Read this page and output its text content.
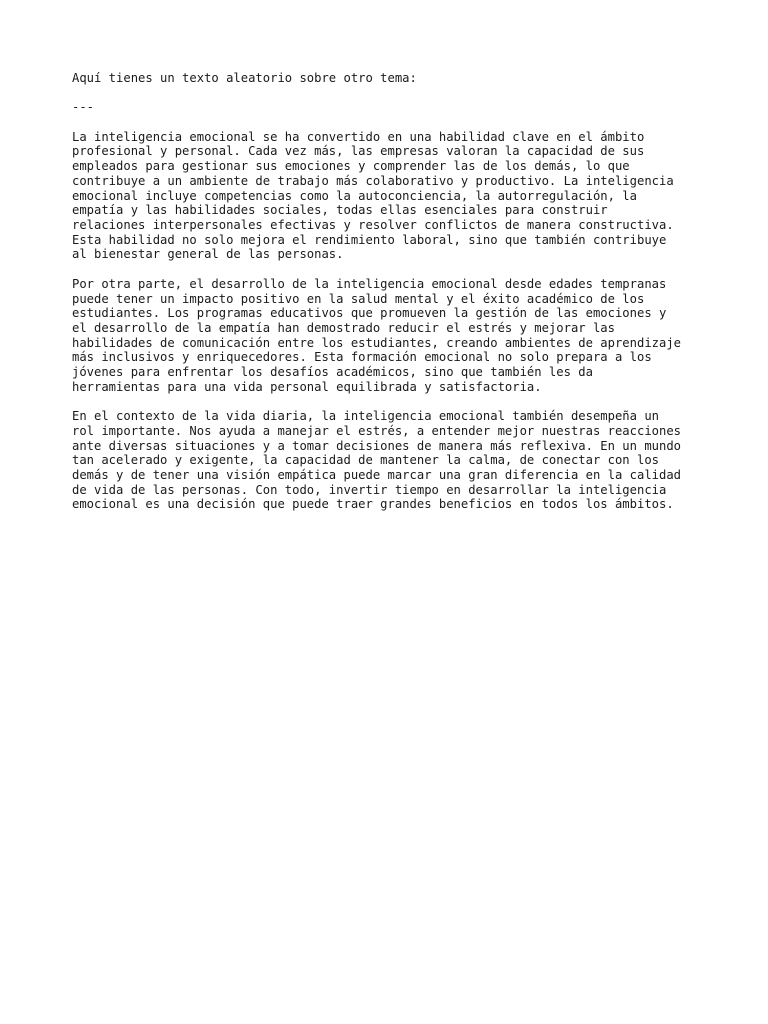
Aquí tienes un texto aleatorio sobre otro tema:
---
La inteligencia emocional se ha convertido en una habilidad clave en el ámbito
profesional y personal. Cada vez más, las empresas valoran la capacidad de sus
empleados para gestionar sus emociones y comprender las de los demás, lo que
contribuye a un ambiente de trabajo más colaborativo y productivo. La inteligencia
emocional incluye competencias como la autoconciencia, la autorregulación, la
empatía y las habilidades sociales, todas ellas esenciales para construir
relaciones interpersonales efectivas y resolver conflictos de manera constructiva.
Esta habilidad no solo mejora el rendimiento laboral, sino que también contribuye
al bienestar general de las personas.
Por otra parte, el desarrollo de la inteligencia emocional desde edades tempranas
puede tener un impacto positivo en la salud mental y el éxito académico de los
estudiantes. Los programas educativos que promueven la gestión de las emociones y
el desarrollo de la empatía han demostrado reducir el estrés y mejorar las
habilidades de comunicación entre los estudiantes, creando ambientes de aprendizaje
más inclusivos y enriquecedores. Esta formación emocional no solo prepara a los
jóvenes para enfrentar los desafíos académicos, sino que también les da
herramientas para una vida personal equilibrada y satisfactoria.
En el contexto de la vida diaria, la inteligencia emocional también desempeña un
rol importante. Nos ayuda a manejar el estrés, a entender mejor nuestras reacciones
ante diversas situaciones y a tomar decisiones de manera más reflexiva. En un mundo
tan acelerado y exigente, la capacidad de mantener la calma, de conectar con los
demás y de tener una visión empática puede marcar una gran diferencia en la calidad
de vida de las personas. Con todo, invertir tiempo en desarrollar la inteligencia
emocional es una decisión que puede traer grandes beneficios en todos los ámbitos.
